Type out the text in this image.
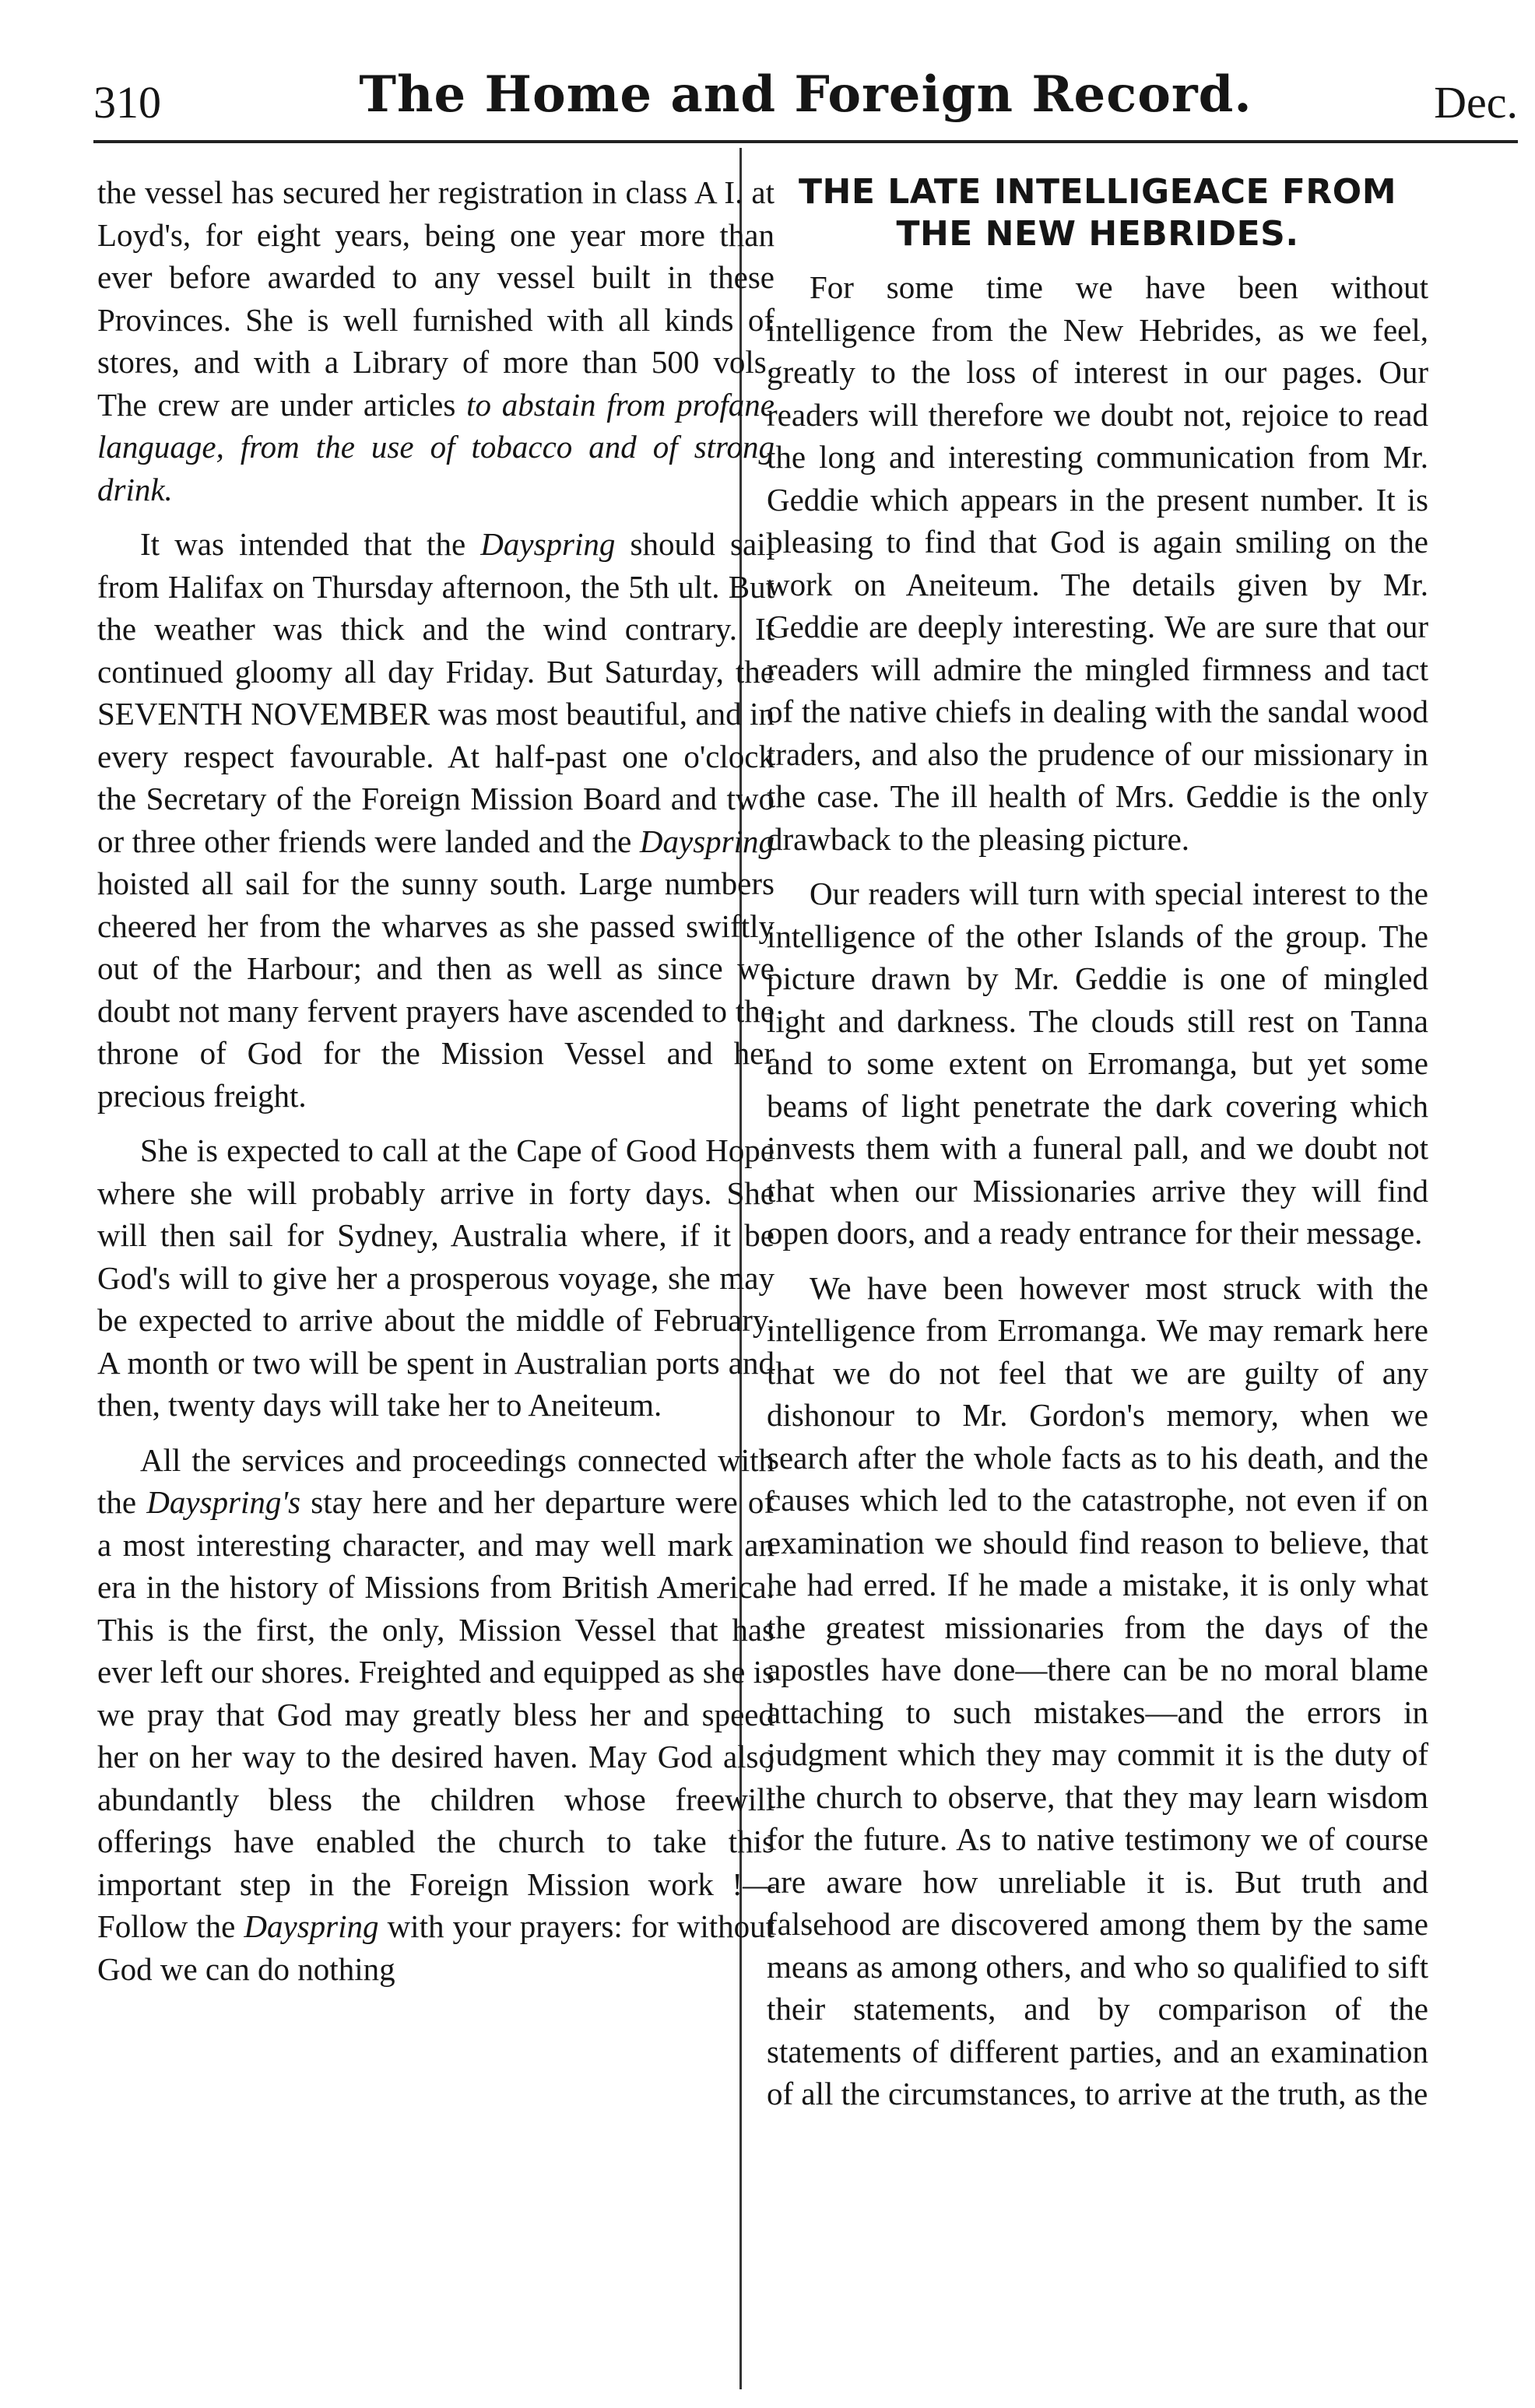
310	The Home and Foreign Record.	Dec.

the vessel has secured her registration in class A I. at Loyd's, for eight years, being one year more than ever before awarded to any vessel built in these Provinces. She is well furnished with all kinds of stores, and with a Library of more than 500 vols. The crew are under articles to abstain from profane language, from the use of tobacco and of strong drink.

It was intended that the Dayspring should sail from Halifax on Thursday afternoon, the 5th ult. But the weather was thick and the wind contrary. It continued gloomy all day Friday. But Saturday, the SEVENTH NOVEMBER was most beautiful, and in every respect favourable. At half-past one o'clock the Secretary of the Foreign Mission Board and two or three other friends were landed and the Dayspring hoisted all sail for the sunny south. Large numbers cheered her from the wharves as she passed swiftly out of the Harbour; and then as well as since we doubt not many fervent prayers have ascended to the throne of God for the Mission Vessel and her precious freight.

She is expected to call at the Cape of Good Hope where she will probably arrive in forty days. She will then sail for Sydney, Australia where, if it be God's will to give her a prosperous voyage, she may be expected to arrive about the middle of February. A month or two will be spent in Australian ports and then, twenty days will take her to Aneiteum.

All the services and proceedings connected with the Dayspring's stay here and her departure were of a most interesting character, and may well mark an era in the history of Missions from British America. This is the first, the only, Mission Vessel that has ever left our shores. Freighted and equipped as she is we pray that God may greatly bless her and speed her on her way to the desired haven. May God also abundantly bless the children whose freewill offerings have enabled the church to take this important step in the Foreign Mission work !— Follow the Dayspring with your prayers: for without God we can do nothing

THE LATE INTELLIGEACE FROM THE NEW HEBRIDES.

For some time we have been without intelligence from the New Hebrides, as we feel, greatly to the loss of interest in our pages. Our readers will therefore we doubt not, rejoice to read the long and interesting communication from Mr. Geddie which appears in the present number. It is pleasing to find that God is again smiling on the work on Aneiteum. The details given by Mr. Geddie are deeply interesting. We are sure that our readers will admire the mingled firmness and tact of the native chiefs in dealing with the sandal wood traders, and also the prudence of our missionary in the case. The ill health of Mrs. Geddie is the only drawback to the pleasing picture.

Our readers will turn with special interest to the intelligence of the other Islands of the group. The picture drawn by Mr. Geddie is one of mingled light and darkness. The clouds still rest on Tanna and to some extent on Erromanga, but yet some beams of light penetrate the dark covering which invests them with a funeral pall, and we doubt not that when our Missionaries arrive they will find open doors, and a ready entrance for their message.

We have been however most struck with the intelligence from Erromanga. We may remark here that we do not feel that we are guilty of any dishonour to Mr. Gordon's memory, when we search after the whole facts as to his death, and the causes which led to the catastrophe, not even if on examination we should find reason to believe, that he had erred. If he made a mistake, it is only what the greatest missionaries from the days of the apostles have done—there can be no moral blame attaching to such mistakes—and the errors in judgment which they may commit it is the duty of the church to observe, that they may learn wisdom for the future. As to native testimony we of course are aware how unreliable it is. But truth and falsehood are discovered among them by the same means as among others, and who so qualified to sift their statements, and by comparison of the statements of different parties, and an examination of all the circumstances, to arrive at the truth, as the
